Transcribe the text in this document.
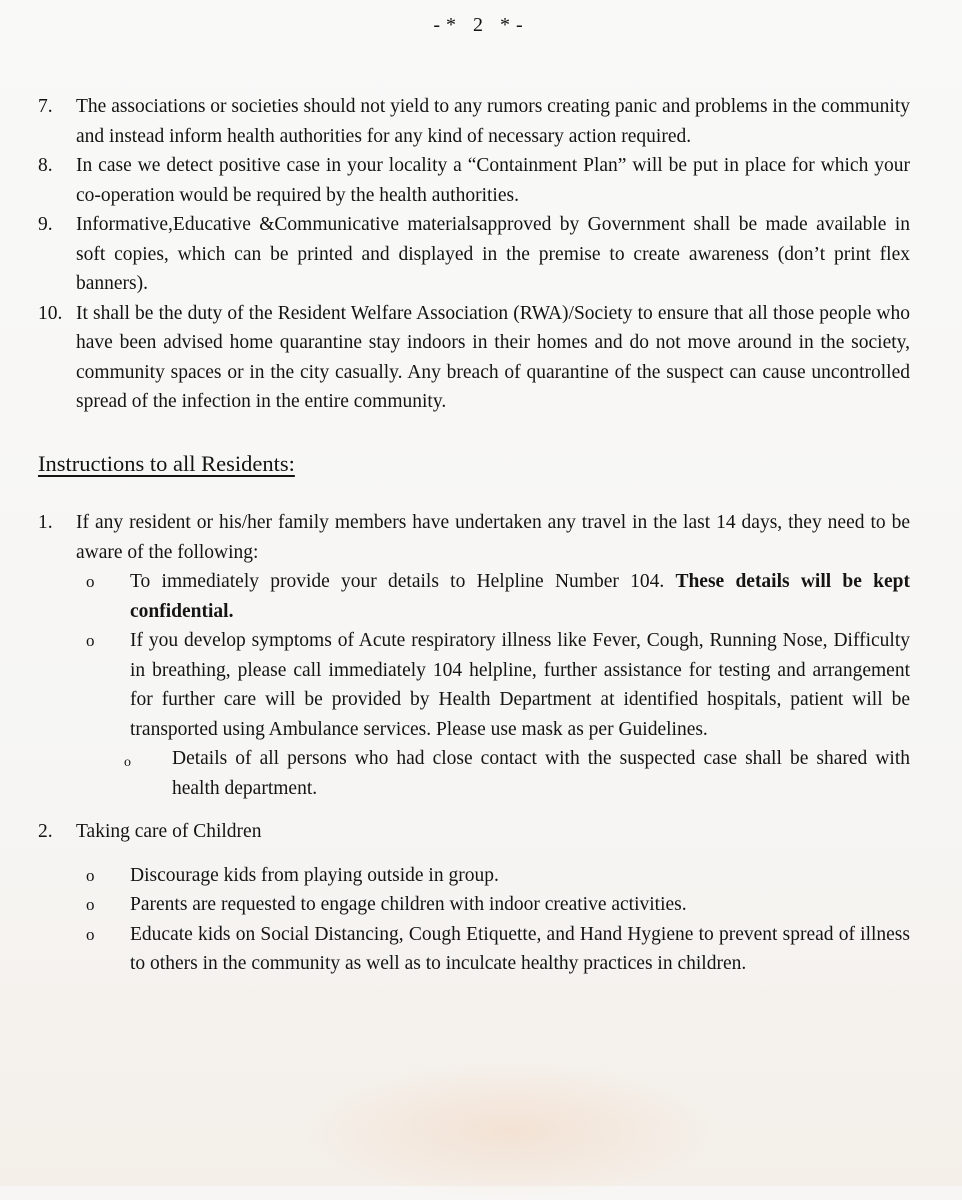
-* 2 *-
7.	The associations or societies should not yield to any rumors creating panic and problems in the community and instead inform health authorities for any kind of necessary action required.
8.	In case we detect positive case in your locality a “Containment Plan” will be put in place for which your co-operation would be required by the health authorities.
9.	Informative,Educative &Communicative materialsapproved by Government shall be made available in soft copies, which can be printed and displayed in the premise to create awareness (don’t print flex banners).
10. It shall be the duty of the Resident Welfare Association (RWA)/Society to ensure that all those people who have been advised home quarantine stay indoors in their homes and do not move around in the society, community spaces or in the city casually. Any breach of quarantine of the suspect can cause uncontrolled spread of the infection in the entire community.
Instructions to all Residents:
1.	If any resident or his/her family members have undertaken any travel in the last 14 days, they need to be aware of the following:
o	To immediately provide your details to Helpline Number 104. These details will be kept confidential.
o	If you develop symptoms of Acute respiratory illness like Fever, Cough, Running Nose, Difficulty in breathing, please call immediately 104 helpline, further assistance for testing and arrangement for further care will be provided by Health Department at identified hospitals, patient will be transported using Ambulance services. Please use mask as per Guidelines.
o	Details of all persons who had close contact with the suspected case shall be shared with health department.
2.	Taking care of Children
o	Discourage kids from playing outside in group.
o	Parents are requested to engage children with indoor creative activities.
o	Educate kids on Social Distancing, Cough Etiquette, and Hand Hygiene to prevent spread of illness to others in the community as well as to inculcate healthy practices in children.
